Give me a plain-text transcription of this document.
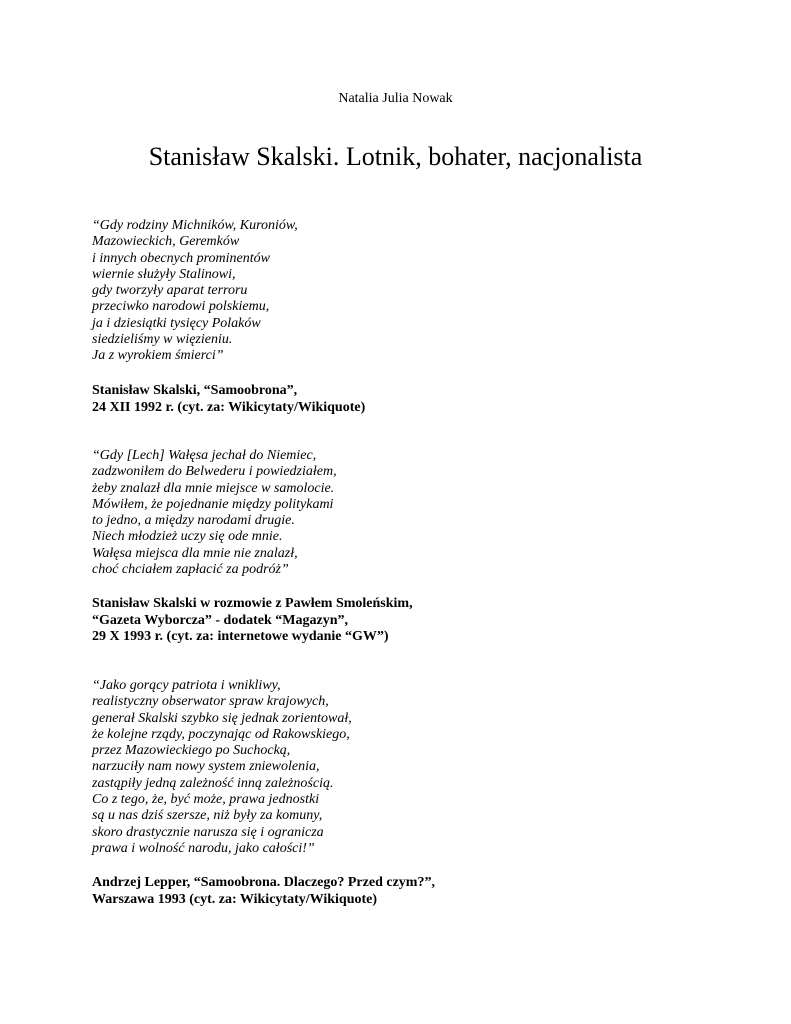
Natalia Julia Nowak
Stanisław Skalski. Lotnik, bohater, nacjonalista
“Gdy rodziny Michników, Kuroniów,
Mazowieckich, Geremków
i innych obecnych prominentów
wiernie służyły Stalinowi,
gdy tworzyły aparat terroru
przeciwko narodowi polskiemu,
ja i dziesiątki tysięcy Polaków
siedzieliśmy w więzieniu.
Ja z wyrokiem śmierci”
Stanisław Skalski, “Samoobrona”,
24 XII 1992 r. (cyt. za: Wikicytaty/Wikiquote)
“Gdy [Lech] Wałęsa jechał do Niemiec,
zadzwoniłem do Belwederu i powiedziałem,
żeby znalazł dla mnie miejsce w samolocie.
Mówiłem, że pojednanie między politykami
to jedno, a między narodami drugie.
Niech młodzież uczy się ode mnie.
Wałęsa miejsca dla mnie nie znalazł,
choć chciałem zapłacić za podróż”
Stanisław Skalski w rozmowie z Pawłem Smoleńskim,
“Gazeta Wyborcza” - dodatek “Magazyn”,
29 X 1993 r. (cyt. za: internetowe wydanie “GW”)
“Jako gorący patriota i wnikliwy,
realistyczny obserwator spraw krajowych,
generał Skalski szybko się jednak zorientował,
że kolejne rządy, poczynając od Rakowskiego,
przez Mazowieckiego po Suchocką,
narzuciły nam nowy system zniewolenia,
zastąpiły jedną zależność inną zależnością.
Co z tego, że, być może, prawa jednostki
są u nas dziś szersze, niż były za komuny,
skoro drastycznie narusza się i ogranicza
prawa i wolność narodu, jako całości!”
Andrzej Lepper, “Samoobrona. Dlaczego? Przed czym?”,
Warszawa 1993 (cyt. za: Wikicytaty/Wikiquote)
